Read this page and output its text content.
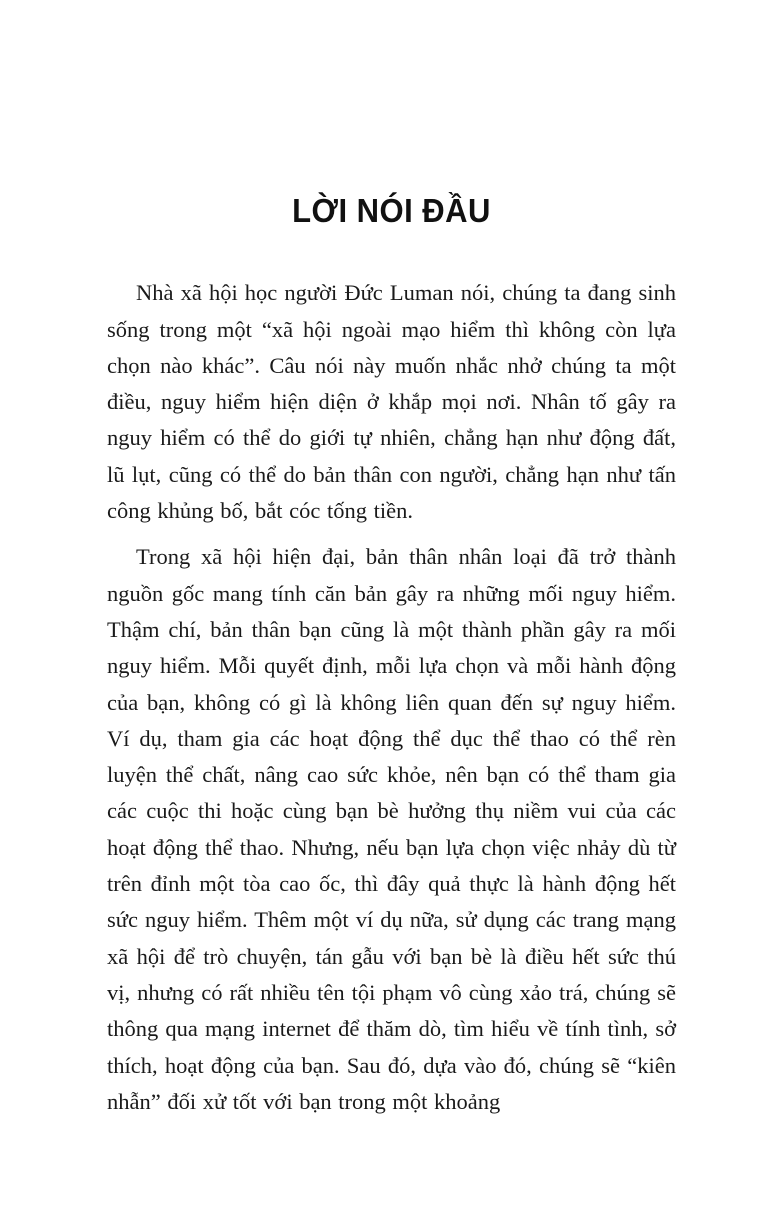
LỜI NÓI ĐẦU

Nhà xã hội học người Đức Luman nói, chúng ta đang sinh sống trong một “xã hội ngoài mạo hiểm thì không còn lựa chọn nào khác”. Câu nói này muốn nhắc nhở chúng ta một điều, nguy hiểm hiện diện ở khắp mọi nơi. Nhân tố gây ra nguy hiểm có thể do giới tự nhiên, chẳng hạn như động đất, lũ lụt, cũng có thể do bản thân con người, chẳng hạn như tấn công khủng bố, bắt cóc tống tiền.

Trong xã hội hiện đại, bản thân nhân loại đã trở thành nguồn gốc mang tính căn bản gây ra những mối nguy hiểm. Thậm chí, bản thân bạn cũng là một thành phần gây ra mối nguy hiểm. Mỗi quyết định, mỗi lựa chọn và mỗi hành động của bạn, không có gì là không liên quan đến sự nguy hiểm. Ví dụ, tham gia các hoạt động thể dục thể thao có thể rèn luyện thể chất, nâng cao sức khỏe, nên bạn có thể tham gia các cuộc thi hoặc cùng bạn bè hưởng thụ niềm vui của các hoạt động thể thao. Nhưng, nếu bạn lựa chọn việc nhảy dù từ trên đỉnh một tòa cao ốc, thì đây quả thực là hành động hết sức nguy hiểm. Thêm một ví dụ nữa, sử dụng các trang mạng xã hội để trò chuyện, tán gẫu với bạn bè là điều hết sức thú vị, nhưng có rất nhiều tên tội phạm vô cùng xảo trá, chúng sẽ thông qua mạng internet để thăm dò, tìm hiểu về tính tình, sở thích, hoạt động của bạn. Sau đó, dựa vào đó, chúng sẽ “kiên nhẫn” đối xử tốt với bạn trong một khoảng
